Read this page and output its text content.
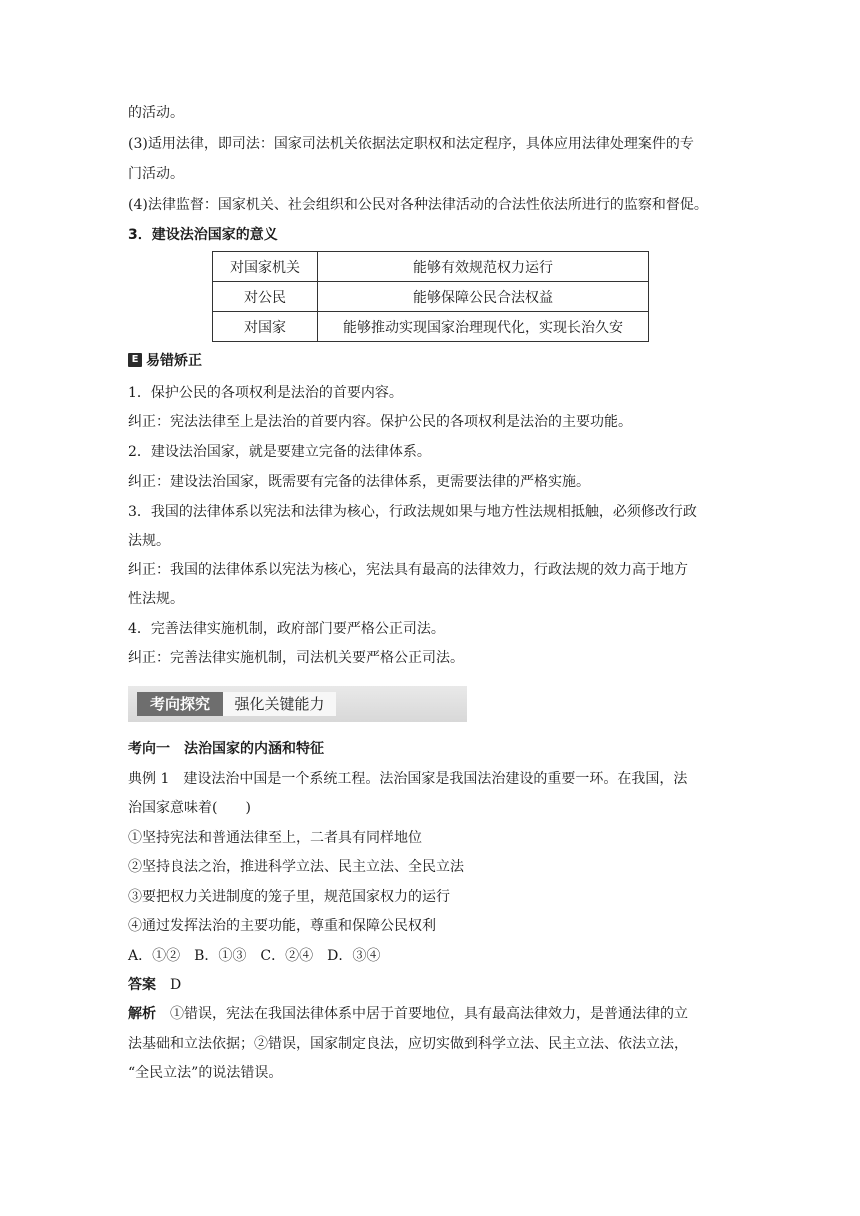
的活动。
(3)适用法律，即司法：国家司法机关依据法定职权和法定程序，具体应用法律处理案件的专
门活动。
(4)法律监督：国家机关、社会组织和公民对各种法律活动的合法性依法所进行的监察和督促。
3．建设法治国家的意义
对国家机关	能够有效规范权力运行
对公民	能够保障公民合法权益
对国家	能够推动实现国家治理现代化，实现长治久安
E 易错矫正
1．保护公民的各项权利是法治的首要内容。
纠正：宪法法律至上是法治的首要内容。保护公民的各项权利是法治的主要功能。
2．建设法治国家，就是要建立完备的法律体系。
纠正：建设法治国家，既需要有完备的法律体系，更需要法律的严格实施。
3．我国的法律体系以宪法和法律为核心，行政法规如果与地方性法规相抵触，必须修改行政
法规。
纠正：我国的法律体系以宪法为核心，宪法具有最高的法律效力，行政法规的效力高于地方
性法规。
4．完善法律实施机制，政府部门要严格公正司法。
纠正：完善法律实施机制，司法机关要严格公正司法。
考向探究	强化关键能力
考向一　法治国家的内涵和特征
典例 1　建设法治中国是一个系统工程。法治国家是我国法治建设的重要一环。在我国，法
治国家意味着(　　)
①坚持宪法和普通法律至上，二者具有同样地位
②坚持良法之治，推进科学立法、民主立法、全民立法
③要把权力关进制度的笼子里，规范国家权力的运行
④通过发挥法治的主要功能，尊重和保障公民权利
A．①②　B．①③　C．②④　D．③④
答案 D
解析 ①错误，宪法在我国法律体系中居于首要地位，具有最高法律效力，是普通法律的立
法基础和立法依据；②错误，国家制定良法，应切实做到科学立法、民主立法、依法立法，
“全民立法”的说法错误。
